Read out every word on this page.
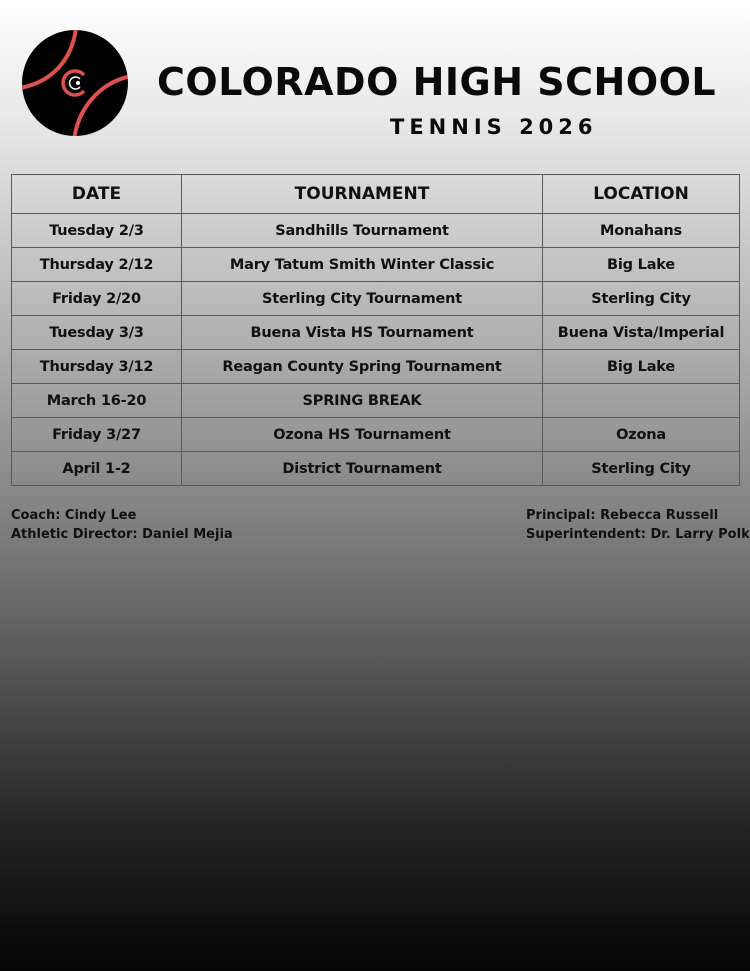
COLORADO HIGH SCHOOL
TENNIS 2026
DATE	TOURNAMENT	LOCATION
Tuesday 2/3	Sandhills Tournament	Monahans
Thursday 2/12	Mary Tatum Smith Winter Classic	Big Lake
Friday 2/20	Sterling City Tournament	Sterling City
Tuesday 3/3	Buena Vista HS Tournament	Buena Vista/Imperial
Thursday 3/12	Reagan County Spring Tournament	Big Lake
March 16-20	SPRING BREAK	
Friday 3/27	Ozona HS Tournament	Ozona
April 1-2	District Tournament	Sterling City
Coach: Cindy Lee
Athletic Director: Daniel Mejia
Principal: Rebecca Russell
Superintendent: Dr. Larry Polk
